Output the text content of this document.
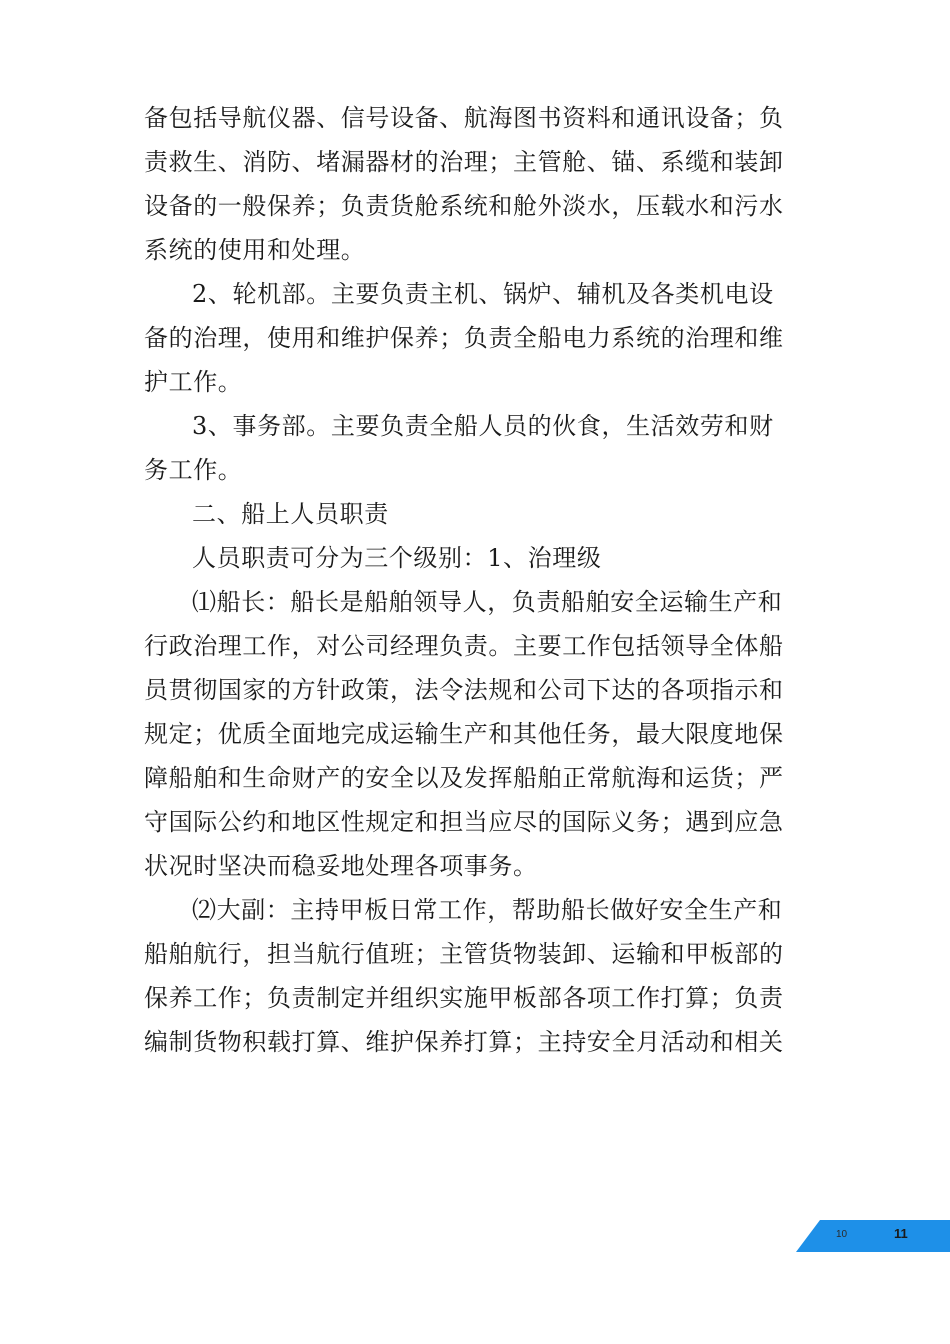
备包括导航仪器、信号设备、航海图书资料和通讯设备；负
责救生、消防、堵漏器材的治理；主管舱、锚、系缆和装卸
设备的一般保养；负责货舱系统和舱外淡水，压载水和污水
系统的使用和处理。
2、轮机部。主要负责主机、锅炉、辅机及各类机电设
备的治理，使用和维护保养；负责全船电力系统的治理和维
护工作。
3、事务部。主要负责全船人员的伙食，生活效劳和财
务工作。
二、船上人员职责
人员职责可分为三个级别：1、治理级
⑴船长：船长是船舶领导人，负责船舶安全运输生产和
行政治理工作，对公司经理负责。主要工作包括领导全体船
员贯彻国家的方针政策，法令法规和公司下达的各项指示和
规定；优质全面地完成运输生产和其他任务，最大限度地保
障船舶和生命财产的安全以及发挥船舶正常航海和运货；严
守国际公约和地区性规定和担当应尽的国际义务；遇到应急
状况时坚决而稳妥地处理各项事务。
⑵大副：主持甲板日常工作，帮助船长做好安全生产和
船舶航行，担当航行值班；主管货物装卸、运输和甲板部的
保养工作；负责制定并组织实施甲板部各项工作打算；负责
编制货物积载打算、维护保养打算；主持安全月活动和相关
10	11
